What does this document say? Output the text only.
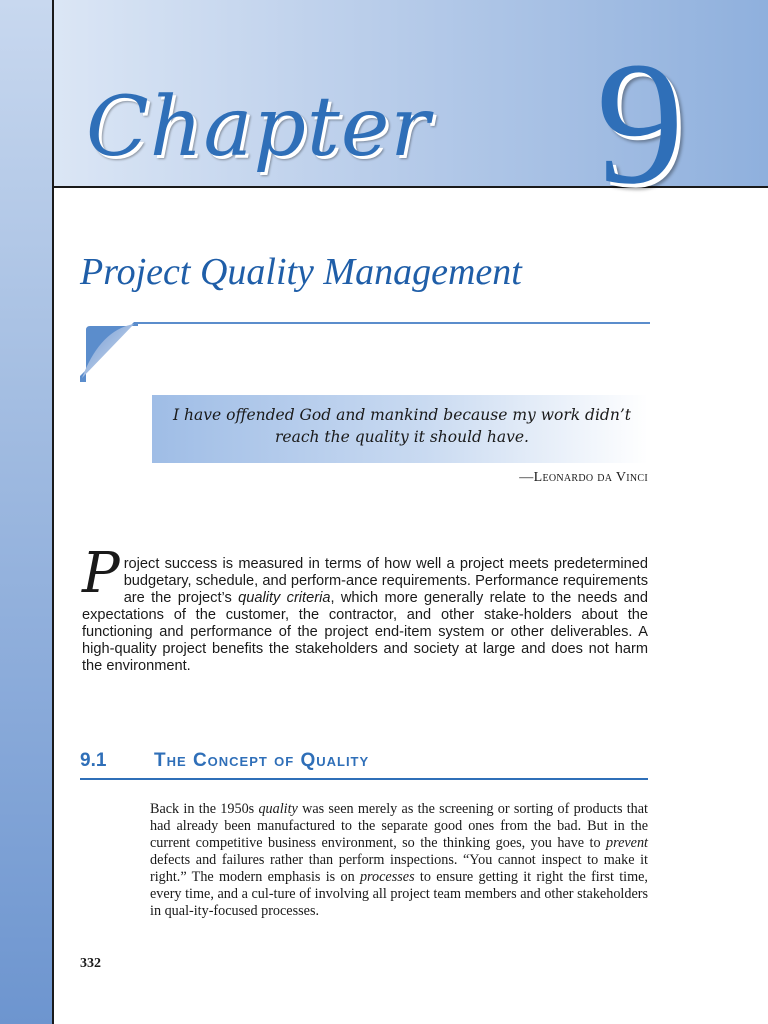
Chapter 9
Project Quality Management
I have offended God and mankind because my work didn’t
reach the quality it should have.
—Leonardo da Vinci

Project success is measured in terms of how well a project meets predetermined budgetary, schedule, and perform-ance requirements. Performance requirements are the project’s quality criteria, which more generally relate to the needs and expectations of the customer, the contractor, and other stake-holders about the functioning and performance of the project end-item system or other deliverables. A high-quality project benefits the stakeholders and society at large and does not harm the environment.

9.1	The Concept of Quality

Back in the 1950s quality was seen merely as the screening or sorting of products that had already been manufactured to the separate good ones from the bad. But in the current competitive business environment, so the thinking goes, you have to prevent defects and failures rather than perform inspections. “You cannot inspect to make it right.” The modern emphasis is on processes to ensure getting it right the first time, every time, and a cul-ture of involving all project team members and other stakeholders in qual-ity-focused processes.

332
